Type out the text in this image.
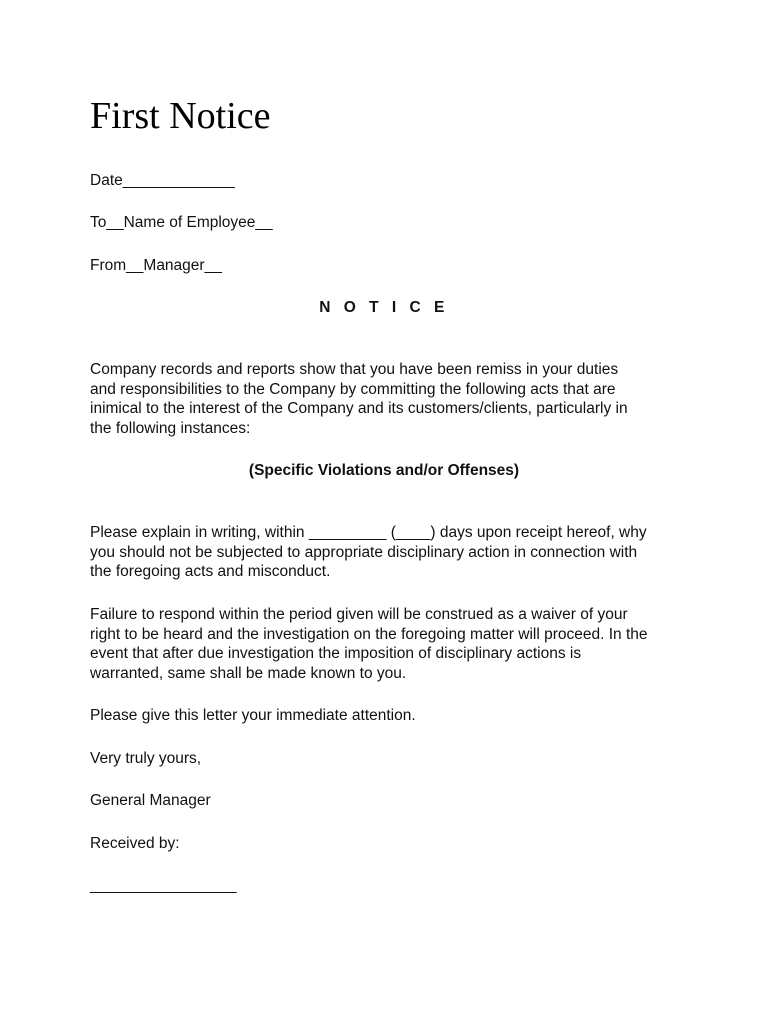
First Notice

Date_____________

To__Name of Employee__

From__Manager__

N O T I C E

Company records and reports show that you have been remiss in your duties
and responsibilities to the Company by committing the following acts that are
inimical to the interest of the Company and its customers/clients, particularly in
the following instances:

(Specific Violations and/or Offenses)

Please explain in writing, within _________ (____) days upon receipt hereof, why
you should not be subjected to appropriate disciplinary action in connection with
the foregoing acts and misconduct.

Failure to respond within the period given will be construed as a waiver of your
right to be heard and the investigation on the foregoing matter will proceed. In the
event that after due investigation the imposition of disciplinary actions is
warranted, same shall be made known to you.

Please give this letter your immediate attention.

Very truly yours,

General Manager

Received by:

_________________
